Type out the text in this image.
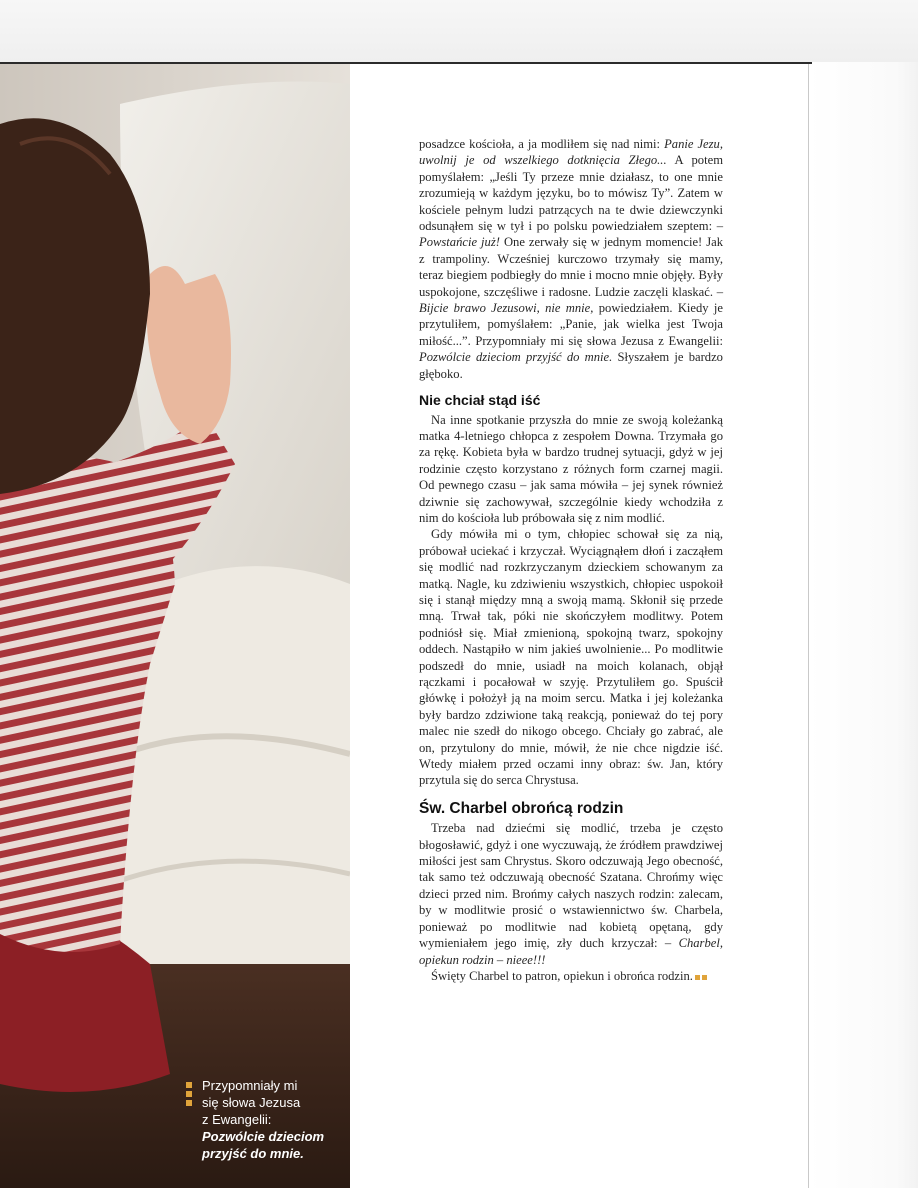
Przypomniały mi
się słowa Jezusa
z Ewangelii:
Pozwólcie dzieciom
przyjść do mnie.

posadzce kościoła, a ja modliłem się nad nimi: Panie Jezu, uwolnij je od wszelkiego dotknięcia Złego... A potem pomyślałem: „Jeśli Ty przeze mnie działasz, to one mnie zrozumieją w każdym języku, bo to mówisz Ty”. Zatem w kościele pełnym ludzi patrzących na te dwie dziewczynki odsunąłem się w tył i po polsku powiedziałem szeptem: – Powstańcie już! One zerwały się w jednym momencie! Jak z trampoliny. Wcześniej kurczowo trzymały się mamy, teraz biegiem podbiegły do mnie i mocno mnie objęły. Były uspokojone, szczęśliwe i radosne. Ludzie zaczęli klaskać. – Bijcie brawo Jezusowi, nie mnie, powiedziałem. Kiedy je przytuliłem, pomyślałem: „Panie, jak wielka jest Twoja miłość...”. Przypomniały mi się słowa Jezusa z Ewangelii: Pozwólcie dzieciom przyjść do mnie. Słyszałem je bardzo głęboko.

Nie chciał stąd iść

Na inne spotkanie przyszła do mnie ze swoją koleżanką matka 4-letniego chłopca z zespołem Downa. Trzymała go za rękę. Kobieta była w bardzo trudnej sytuacji, gdyż w jej rodzinie często korzystano z różnych form czarnej magii. Od pewnego czasu – jak sama mówiła – jej synek również dziwnie się zachowywał, szczególnie kiedy wchodziła z nim do kościoła lub próbowała się z nim modlić.

Gdy mówiła mi o tym, chłopiec schował się za nią, próbował uciekać i krzyczał. Wyciągnąłem dłoń i zacząłem się modlić nad rozkrzyczanym dzieckiem schowanym za matką. Nagle, ku zdziwieniu wszystkich, chłopiec uspokoił się i stanął między mną a swoją mamą. Skłonił się przede mną. Trwał tak, póki nie skończyłem modlitwy. Potem podniósł się. Miał zmienioną, spokojną twarz, spokojny oddech. Nastąpiło w nim jakieś uwolnienie... Po modlitwie podszedł do mnie, usiadł na moich kolanach, objął rączkami i pocałował w szyję. Przytuliłem go. Spuścił główkę i położył ją na moim sercu. Matka i jej koleżanka były bardzo zdziwione taką reakcją, ponieważ do tej pory malec nie szedł do nikogo obcego. Chciały go zabrać, ale on, przytulony do mnie, mówił, że nie chce nigdzie iść. Wtedy miałem przed oczami inny obraz: św. Jan, który przytula się do serca Chrystusa.

Św. Charbel obrońcą rodzin

Trzeba nad dziećmi się modlić, trzeba je często błogosławić, gdyż i one wyczuwają, że źródłem prawdziwej miłości jest sam Chrystus. Skoro odczuwają Jego obecność, tak samo też odczuwają obecność Szatana. Chrońmy więc dzieci przed nim. Brońmy całych naszych rodzin: zalecam, by w modlitwie prosić o wstawiennictwo św. Charbela, ponieważ po modlitwie nad kobietą opętaną, gdy wymieniałem jego imię, zły duch krzyczał: – Charbel, opiekun rodzin – nieee!!!

Święty Charbel to patron, opiekun i obrońca rodzin.
